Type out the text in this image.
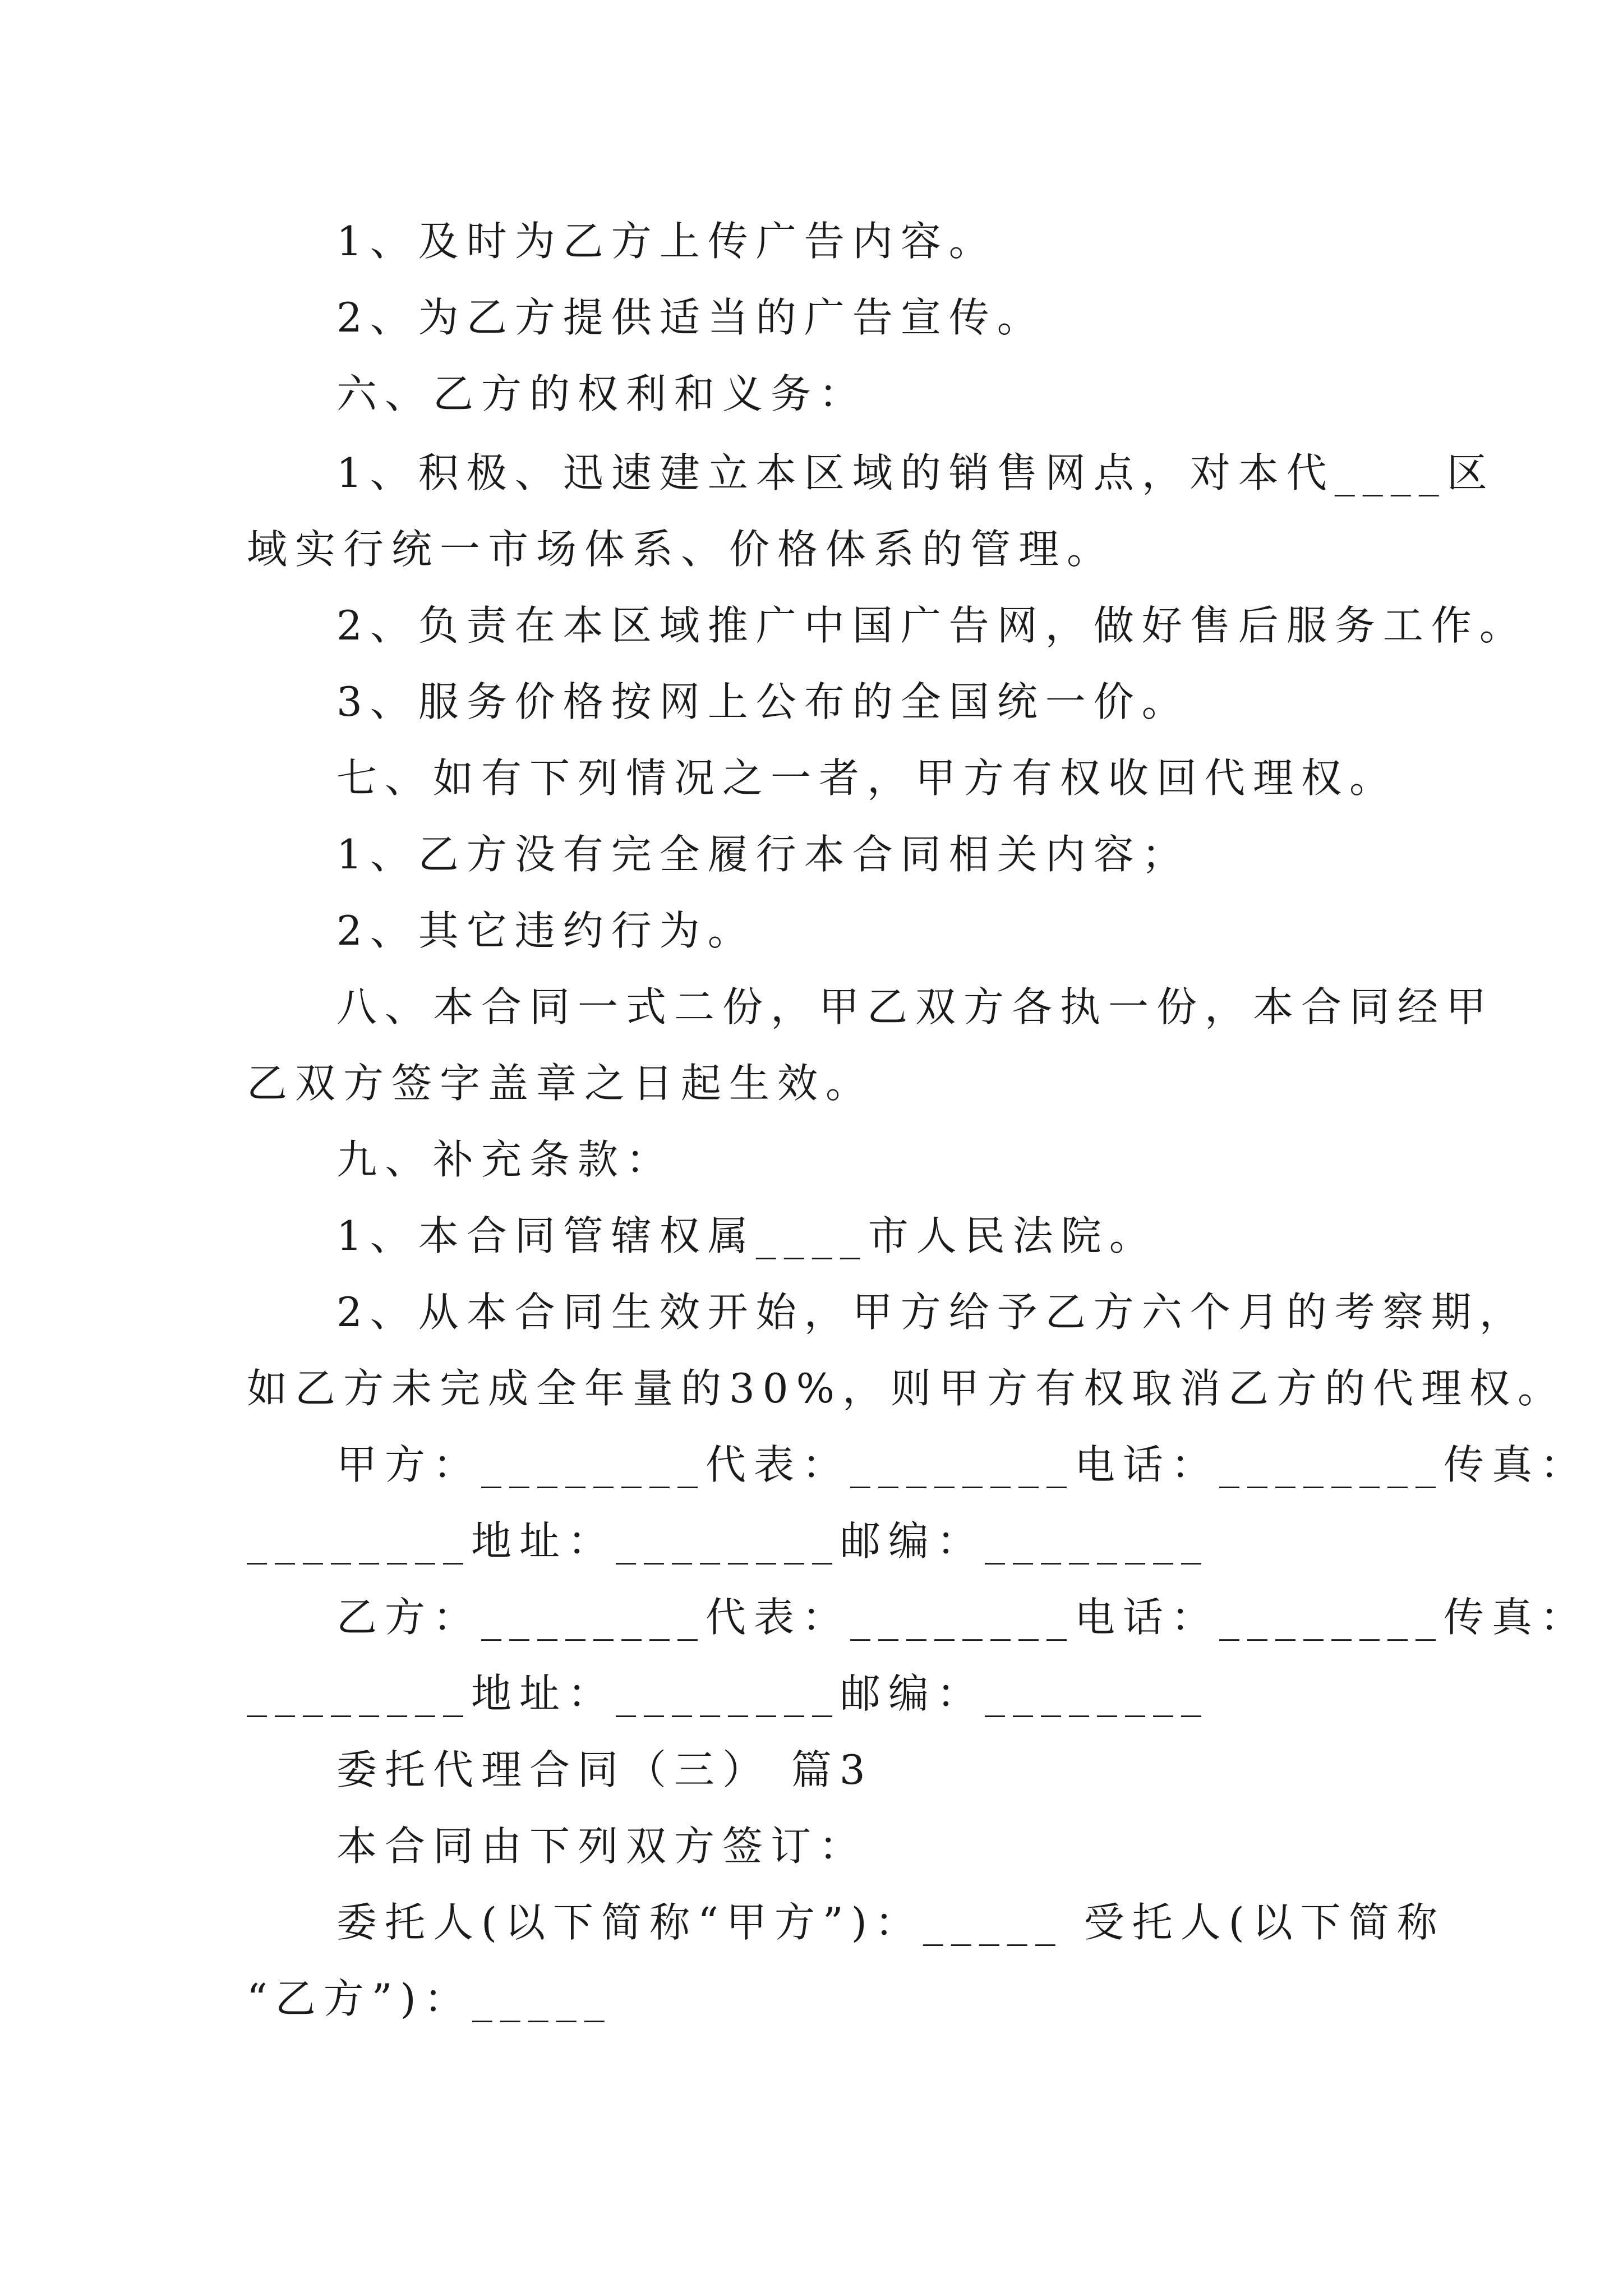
1、及时为乙方上传广告内容。
2、为乙方提供适当的广告宣传。
六、乙方的权利和义务：
1、积极、迅速建立本区域的销售网点，对本代____区
域实行统一市场体系、价格体系的管理。
2、负责在本区域推广中国广告网，做好售后服务工作。
3、服务价格按网上公布的全国统一价。
七、如有下列情况之一者，甲方有权收回代理权。
1、乙方没有完全履行本合同相关内容；
2、其它违约行为。
八、本合同一式二份，甲乙双方各执一份，本合同经甲
乙双方签字盖章之日起生效。
九、补充条款：
1、本合同管辖权属____市人民法院。
2、从本合同生效开始，甲方给予乙方六个月的考察期，
如乙方未完成全年量的30%，则甲方有权取消乙方的代理权。
甲方：________代表：________电话：________传真：
________地址：________邮编：________
乙方：________代表：________电话：________传真：
________地址：________邮编：________
委托代理合同（三） 篇3
本合同由下列双方签订：
委托人(以下简称“甲方”)：_____ 受托人(以下简称
“乙方”)：_____
